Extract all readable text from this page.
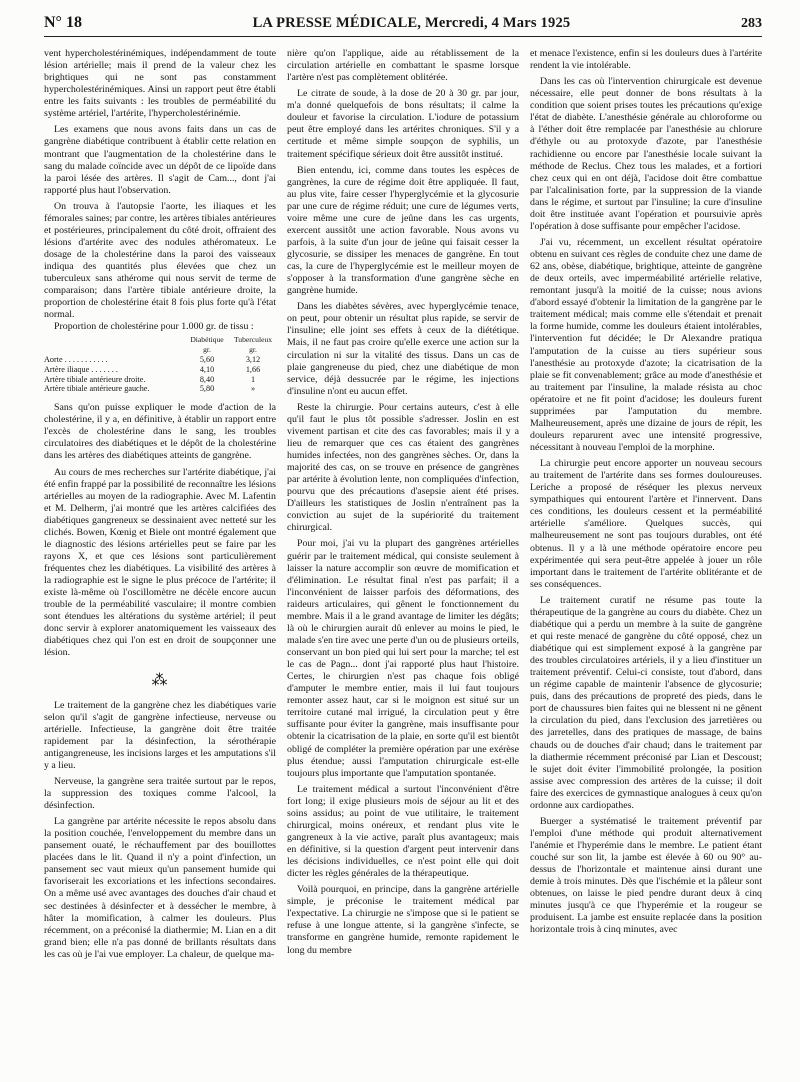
N° 18	LA PRESSE MÉDICALE, Mercredi, 4 Mars 1925	283

vent hypercholestérinémiques, indépendamment de toute lésion artérielle; mais il prend de la valeur chez les brightiques qui ne sont pas constamment hypercholestérinémiques. Ainsi un rapport peut être établi entre les faits suivants : les troubles de perméabilité du système artériel, l'artérite, l'hypercholestérinémie.

Les examens que nous avons faits dans un cas de gangrène diabétique contribuent à établir cette relation en montrant que l'augmentation de la cholestérine dans le sang du malade coïncide avec un dépôt de ce lipoïde dans la paroi lésée des artères. Il s'agit de Cam..., dont j'ai rapporté plus haut l'observation.

On trouva à l'autopsie l'aorte, les iliaques et les fémorales saines; par contre, les artères tibiales antérieures et postérieures, principalement du côté droit, offraient des lésions d'artérite avec des nodules athéromateux. Le dosage de la cholestérine dans la paroi des vaisseaux indiqua des quantités plus élevées que chez un tuberculeux sans athérome qui nous servit de terme de comparaison; dans l'artère tibiale antérieure droite, la proportion de cholestérine était 8 fois plus forte qu'à l'état normal.

Proportion de cholestérine pour 1.000 gr. de tissu :

	Diabétique	Tuberculeux
	gr.	gr.
Aorte . . . . . . . . . . .	5,60	3,12
Artère iliaque . . . . . . .	4,10	1,66
Artère tibiale antérieure droite.	8,40	1
Artère tibiale antérieure gauche.	5,80	»

Sans qu'on puisse expliquer le mode d'action de la cholestérine, il y a, en définitive, à établir un rapport entre l'excès de cholestérine dans le sang, les troubles circulatoires des diabétiques et le dépôt de la cholestérine dans les artères des diabétiques atteints de gangrène.

Au cours de mes recherches sur l'artérite diabétique, j'ai été enfin frappé par la possibilité de reconnaître les lésions artérielles au moyen de la radiographie. Avec M. Lafentin et M. Delherm, j'ai montré que les artères calcifiées des diabétiques gangreneux se dessinaient avec netteté sur les clichés. Bowen, Kœnig et Biele ont montré également que le diagnostic des lésions artérielles peut se faire par les rayons X, et que ces lésions sont particulièrement fréquentes chez les diabétiques. La visibilité des artères à la radiographie est le signe le plus précoce de l'artérite; il existe là-même où l'oscillomètre ne décèle encore aucun trouble de la perméabilité vasculaire; il montre combien sont étendues les altérations du système artériel; il peut donc servir à explorer anatomiquement les vaisseaux des diabétiques chez qui l'on est en droit de soupçonner une lésion.

⁂

Le traitement de la gangrène chez les diabétiques varie selon qu'il s'agit de gangrène infectieuse, nerveuse ou artérielle. Infectieuse, la gangrène doit être traitée rapidement par la désinfection, la sérothérapie antigangreneuse, les incisions larges et les amputations s'il y a lieu.

Nerveuse, la gangrène sera traitée surtout par le repos, la suppression des toxiques comme l'alcool, la désinfection.

La gangrène par artérite nécessite le repos absolu dans la position couchée, l'enveloppement du membre dans un pansement ouaté, le réchauffement par des bouillottes placées dans le lit. Quand il n'y a point d'infection, un pansement sec vaut mieux qu'un pansement humide qui favoriserait les excoriations et les infections secondaires. On a même usé avec avantages des douches d'air chaud et sec destinées à désinfecter et à dessécher le membre, à hâter la momification, à calmer les douleurs. Plus récemment, on a préconisé la diathermie; M. Lian en a dit grand bien; elle n'a pas donné de brillants résultats dans les cas où je l'ai vue employer. La chaleur, de quelque ma-

nière qu'on l'applique, aide au rétablissement de la circulation artérielle en combattant le spasme lorsque l'artère n'est pas complètement oblitérée.

Le citrate de soude, à la dose de 20 à 30 gr. par jour, m'a donné quelquefois de bons résultats; il calme la douleur et favorise la circulation. L'iodure de potassium peut être employé dans les artérites chroniques. S'il y a certitude et même simple soupçon de syphilis, un traitement spécifique sérieux doit être aussitôt institué.

Bien entendu, ici, comme dans toutes les espèces de gangrènes, la cure de régime doit être appliquée. Il faut, au plus vite, faire cesser l'hyperglycémie et la glycosurie par une cure de régime réduit; une cure de légumes verts, voire même une cure de jeûne dans les cas urgents, exercent aussitôt une action favorable. Nous avons vu parfois, à la suite d'un jour de jeûne qui faisait cesser la glycosurie, se dissiper les menaces de gangrène. En tout cas, la cure de l'hyperglycémie est le meilleur moyen de s'opposer à la transformation d'une gangrène sèche en gangrène humide.

Dans les diabètes sévères, avec hyperglycémie tenace, on peut, pour obtenir un résultat plus rapide, se servir de l'insuline; elle joint ses effets à ceux de la diététique. Mais, il ne faut pas croire qu'elle exerce une action sur la circulation ni sur la vitalité des tissus. Dans un cas de plaie gangreneuse du pied, chez une diabétique de mon service, déjà dessucrée par le régime, les injections d'insuline n'ont eu aucun effet.

Reste la chirurgie. Pour certains auteurs, c'est à elle qu'il faut le plus tôt possible s'adresser. Joslin en est vivement partisan et cite des cas favorables; mais il y a lieu de remarquer que ces cas étaient des gangrènes humides infectées, non des gangrènes sèches. Or, dans la majorité des cas, on se trouve en présence de gangrènes par artérite à évolution lente, non compliquées d'infection, pourvu que des précautions d'asepsie aient été prises. D'ailleurs les statistiques de Joslin n'entraînent pas la conviction au sujet de la supériorité du traitement chirurgical.

Pour moi, j'ai vu la plupart des gangrènes artérielles guérir par le traitement médical, qui consiste seulement à laisser la nature accomplir son œuvre de momification et d'élimination. Le résultat final n'est pas parfait; il a l'inconvénient de laisser parfois des déformations, des raideurs articulaires, qui gênent le fonctionnement du membre. Mais il a le grand avantage de limiter les dégâts; là où le chirurgien aurait dû enlever au moins le pied, le malade s'en tire avec une perte d'un ou de plusieurs orteils, conservant un bon pied qui lui sert pour la marche; tel est le cas de Pagn... dont j'ai rapporté plus haut l'histoire. Certes, le chirurgien n'est pas chaque fois obligé d'amputer le membre entier, mais il lui faut toujours remonter assez haut, car si le moignon est situé sur un territoire cutané mal irrigué, la circulation peut y être suffisante pour éviter la gangrène, mais insuffisante pour obtenir la cicatrisation de la plaie, en sorte qu'il est bientôt obligé de compléter la première opération par une exérèse plus étendue; aussi l'amputation chirurgicale est-elle toujours plus importante que l'amputation spontanée.

Le traitement médical a surtout l'inconvénient d'être fort long; il exige plusieurs mois de séjour au lit et des soins assidus; au point de vue utilitaire, le traitement chirurgical, moins onéreux, et rendant plus vite le gangreneux à la vie active, paraît plus avantageux; mais en définitive, si la question d'argent peut intervenir dans les décisions individuelles, ce n'est point elle qui doit dicter les règles générales de la thérapeutique.

Voilà pourquoi, en principe, dans la gangrène artérielle simple, je préconise le traitement médical par l'expectative. La chirurgie ne s'impose que si le patient se refuse à une longue attente, si la gangrène s'infecte, se transforme en gangrène humide, remonte rapidement le long du membre

et menace l'existence, enfin si les douleurs dues à l'artérite rendent la vie intolérable.

Dans les cas où l'intervention chirurgicale est devenue nécessaire, elle peut donner de bons résultats à la condition que soient prises toutes les précautions qu'exige l'état de diabète. L'anesthésie générale au chloroforme ou à l'éther doit être remplacée par l'anesthésie au chlorure d'éthyle ou au protoxyde d'azote, par l'anesthésie rachidienne ou encore par l'anesthésie locale suivant la méthode de Reclus. Chez tous les malades, et a fortiori chez ceux qui en ont déjà, l'acidose doit être combattue par l'alcalinisation forte, par la suppression de la viande dans le régime, et surtout par l'insuline; la cure d'insuline doit être instituée avant l'opération et poursuivie après l'opération à dose suffisante pour empêcher l'acidose.

J'ai vu, récemment, un excellent résultat opératoire obtenu en suivant ces règles de conduite chez une dame de 62 ans, obèse, diabétique, brightique, atteinte de gangrène de deux orteils, avec imperméabilité artérielle relative, remontant jusqu'à la moitié de la cuisse; nous avions d'abord essayé d'obtenir la limitation de la gangrène par le traitement médical; mais comme elle s'étendait et prenait la forme humide, comme les douleurs étaient intolérables, l'intervention fut décidée; le Dr Alexandre pratiqua l'amputation de la cuisse au tiers supérieur sous l'anesthésie au protoxyde d'azote; la cicatrisation de la plaie se fit convenablement; grâce au mode d'anesthésie et au traitement par l'insuline, la malade résista au choc opératoire et ne fit point d'acidose; les douleurs furent supprimées par l'amputation du membre. Malheureusement, après une dizaine de jours de répit, les douleurs reparurent avec une intensité progressive, nécessitant à nouveau l'emploi de la morphine.

La chirurgie peut encore apporter un nouveau secours au traitement de l'artérite dans ses formes douloureuses. Leriche a proposé de réséquer les plexus nerveux sympathiques qui entourent l'artère et l'innervent. Dans ces conditions, les douleurs cessent et la perméabilité artérielle s'améliore. Quelques succès, qui malheureusement ne sont pas toujours durables, ont été obtenus. Il y a là une méthode opératoire encore peu expérimentée qui sera peut-être appelée à jouer un rôle important dans le traitement de l'artérite oblitérante et de ses conséquences.

Le traitement curatif ne résume pas toute la thérapeutique de la gangrène au cours du diabète. Chez un diabétique qui a perdu un membre à la suite de gangrène et qui reste menacé de gangrène du côté opposé, chez un diabétique qui est simplement exposé à la gangrène par des troubles circulatoires artériels, il y a lieu d'instituer un traitement préventif. Celui-ci consiste, tout d'abord, dans un régime capable de maintenir l'absence de glycosurie; puis, dans des précautions de propreté des pieds, dans le port de chaussures bien faites qui ne blessent ni ne gênent la circulation du pied, dans l'exclusion des jarretières ou des jarretelles, dans des pratiques de massage, de bains chauds ou de douches d'air chaud; dans le traitement par la diathermie récemment préconisé par Lian et Descoust; le sujet doit éviter l'immobilité prolongée, la position assise avec compression des artères de la cuisse; il doit faire des exercices de gymnastique analogues à ceux qu'on ordonne aux cardiopathes.

Buerger a systématisé le traitement préventif par l'emploi d'une méthode qui produit alternativement l'anémie et l'hyperémie dans le membre. Le patient étant couché sur son lit, la jambe est élevée à 60 ou 90° au-dessus de l'horizontale et maintenue ainsi durant une demie à trois minutes. Dès que l'ischémie et la pâleur sont obtenues, on laisse le pied pendre durant deux à cinq minutes jusqu'à ce que l'hyperémie et la rougeur se produisent. La jambe est ensuite replacée dans la position horizontale trois à cinq minutes, avec
